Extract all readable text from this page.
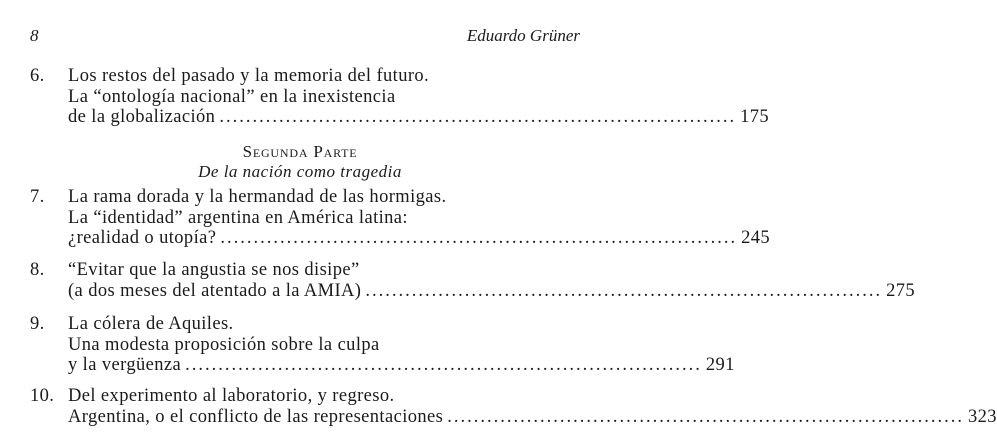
8	Eduardo Grüner
6.	Los restos del pasado y la memoria del futuro.
La “ontología nacional” en la inexistencia
de la globalización .............................................................................. 175
Segunda Parte
De la nación como tragedia
7.	La rama dorada y la hermandad de las hormigas.
La “identidad” argentina en América latina:
¿realidad o utopía? .............................................................................. 245
8.	“Evitar que la angustia se nos disipe”
(a dos meses del atentado a la AMIA) .............................................................................. 275
9.	La cólera de Aquiles.
Una modesta proposición sobre la culpa
y la vergüenza .............................................................................. 291
10. Del experimento al laboratorio, y regreso.
Argentina, o el conflicto de las representaciones .............................................................................. 323
